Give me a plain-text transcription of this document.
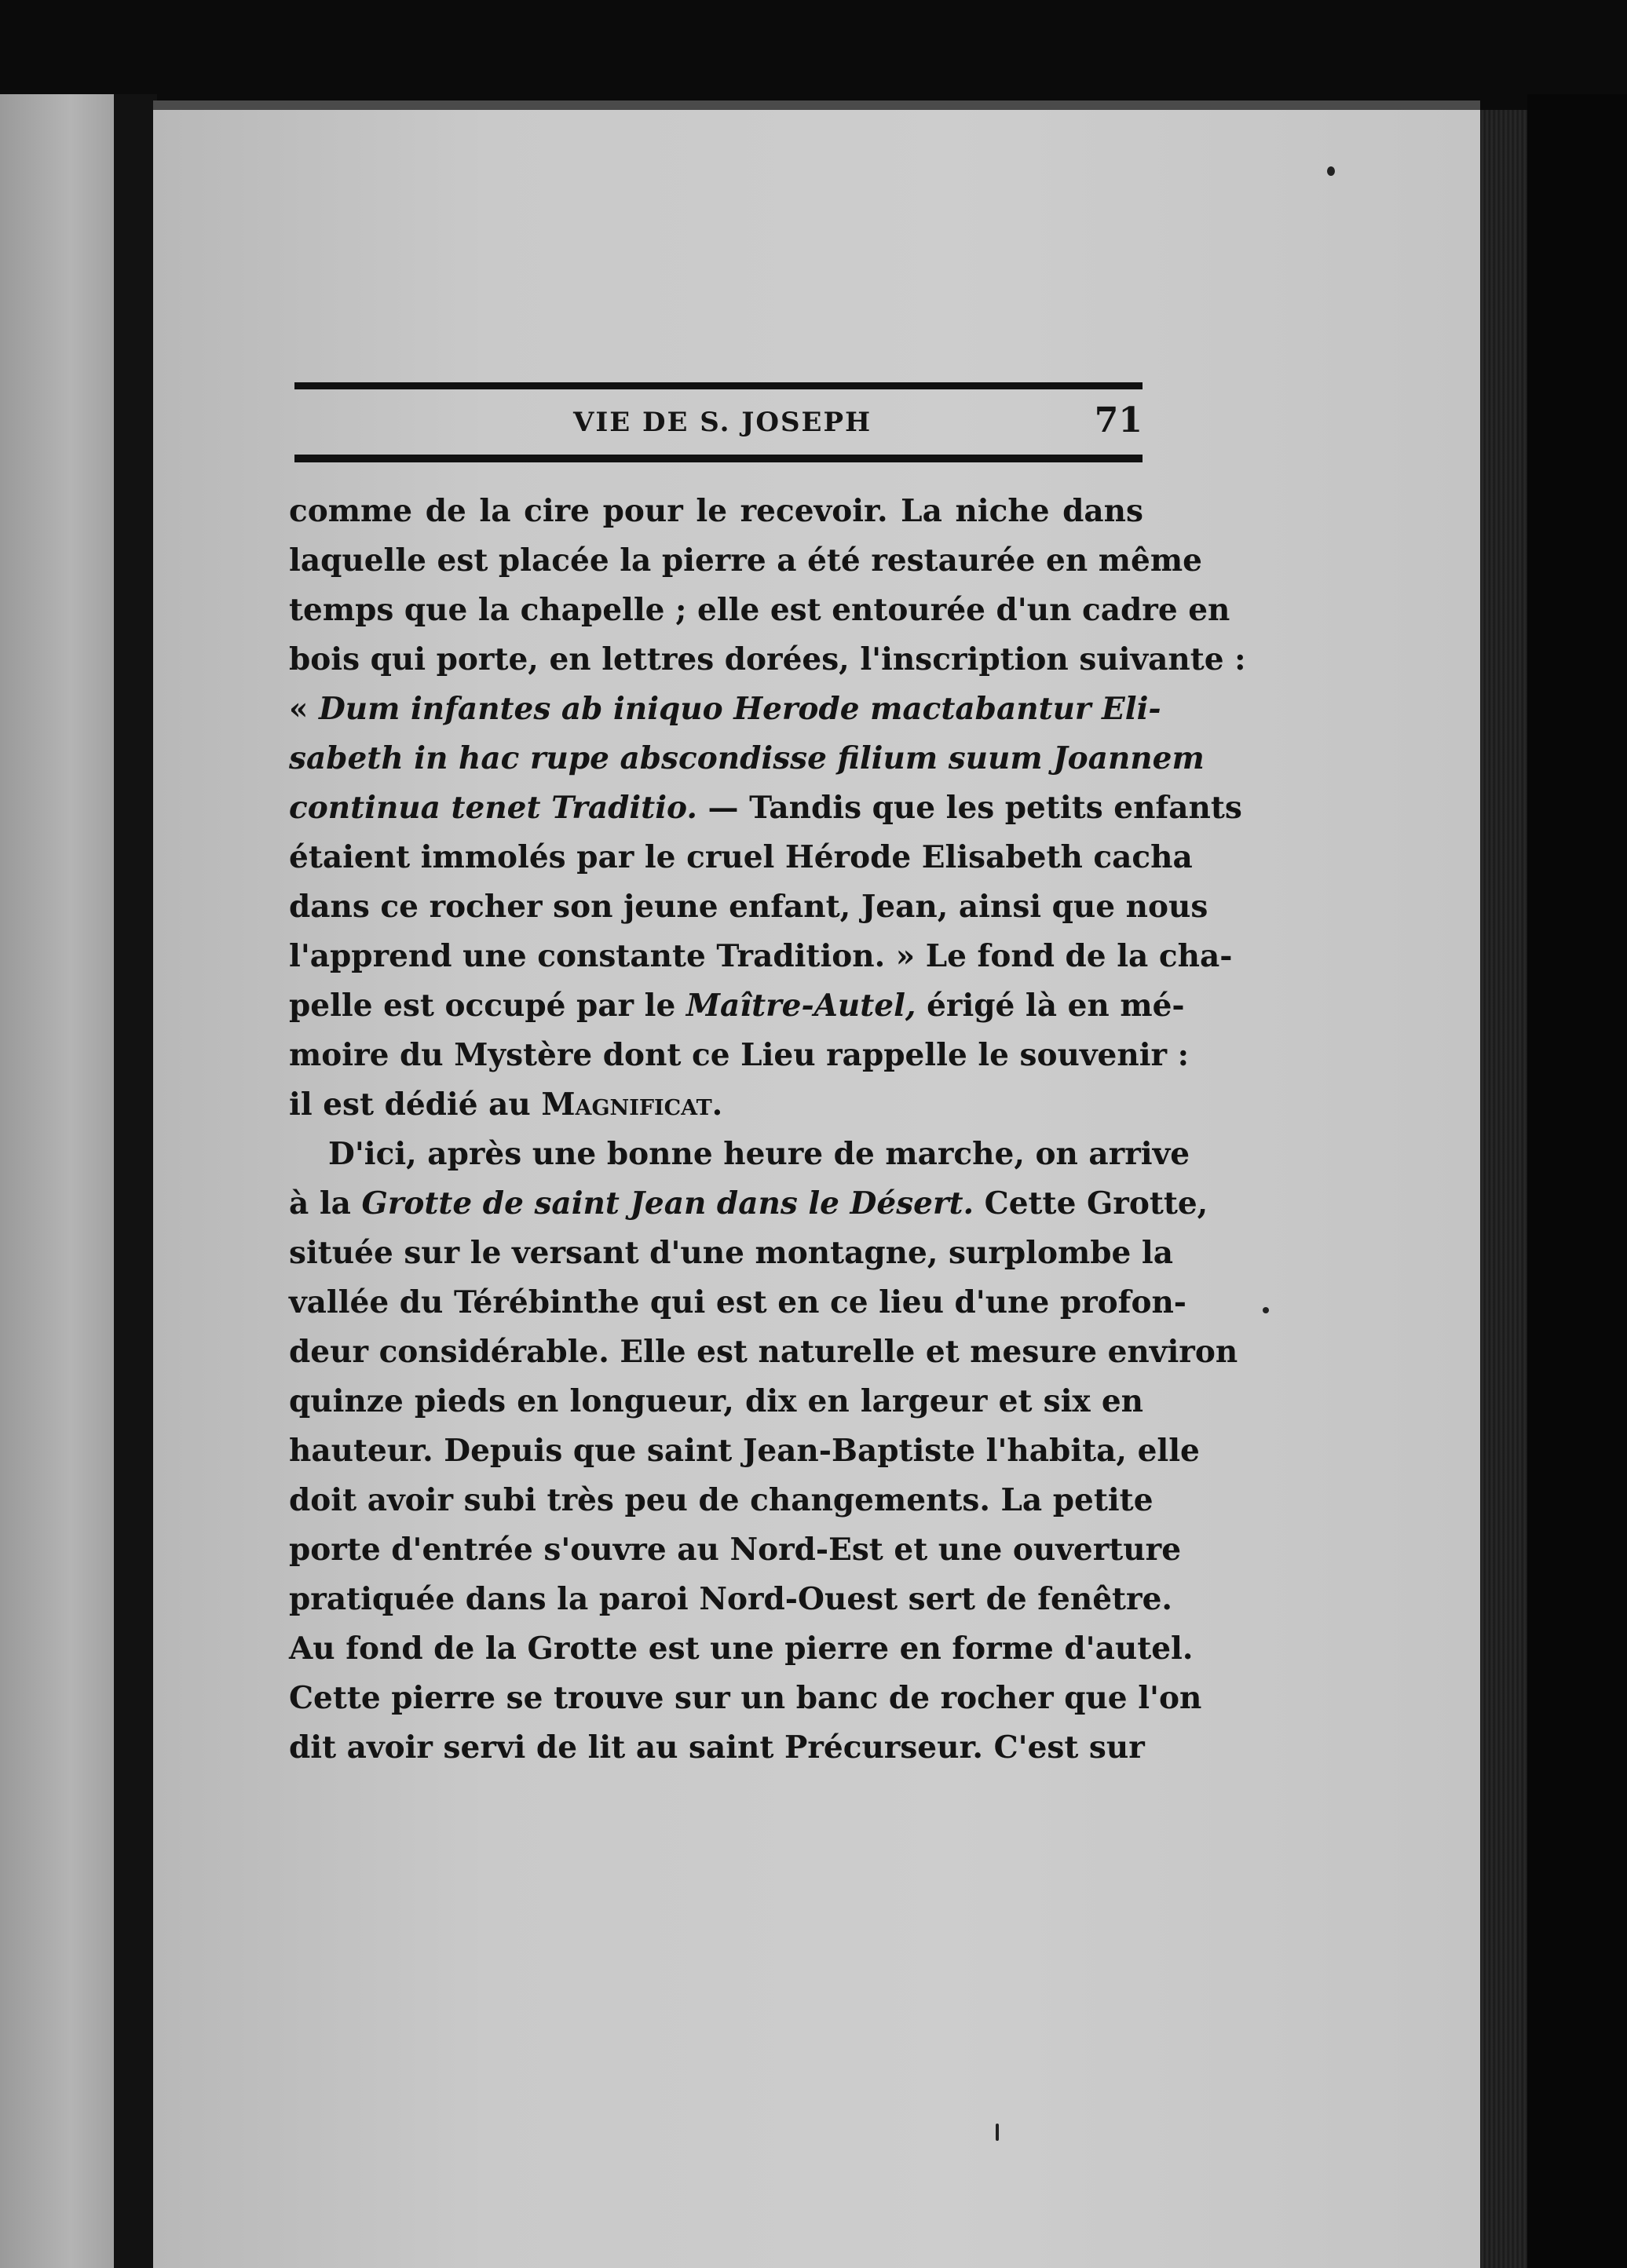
VIE DE S. JOSEPH	71
comme de la cire pour le recevoir. La niche dans
laquelle est placée la pierre a été restaurée en même
temps que la chapelle ; elle est entourée d'un cadre en
bois qui porte, en lettres dorées, l'inscription suivante :
« Dum infantes ab iniquo Herode mactabantur Eli-
sabeth in hac rupe abscondisse filium suum Joannem
continua tenet Traditio. — Tandis que les petits enfants
étaient immolés par le cruel Hérode Elisabeth cacha
dans ce rocher son jeune enfant, Jean, ainsi que nous
l'apprend une constante Tradition. » Le fond de la cha-
pelle est occupé par le Maître-Autel, érigé là en mé-
moire du Mystère dont ce Lieu rappelle le souvenir :
il est dédié au Magnificat.
D'ici, après une bonne heure de marche, on arrive
à la Grotte de saint Jean dans le Désert. Cette Grotte,
située sur le versant d'une montagne, surplombe la
vallée du Térébinthe qui est en ce lieu d'une profon-
deur considérable. Elle est naturelle et mesure environ
quinze pieds en longueur, dix en largeur et six en
hauteur. Depuis que saint Jean-Baptiste l'habita, elle
doit avoir subi très peu de changements. La petite
porte d'entrée s'ouvre au Nord-Est et une ouverture
pratiquée dans la paroi Nord-Ouest sert de fenêtre.
Au fond de la Grotte est une pierre en forme d'autel.
Cette pierre se trouve sur un banc de rocher que l'on
dit avoir servi de lit au saint Précurseur. C'est sur
